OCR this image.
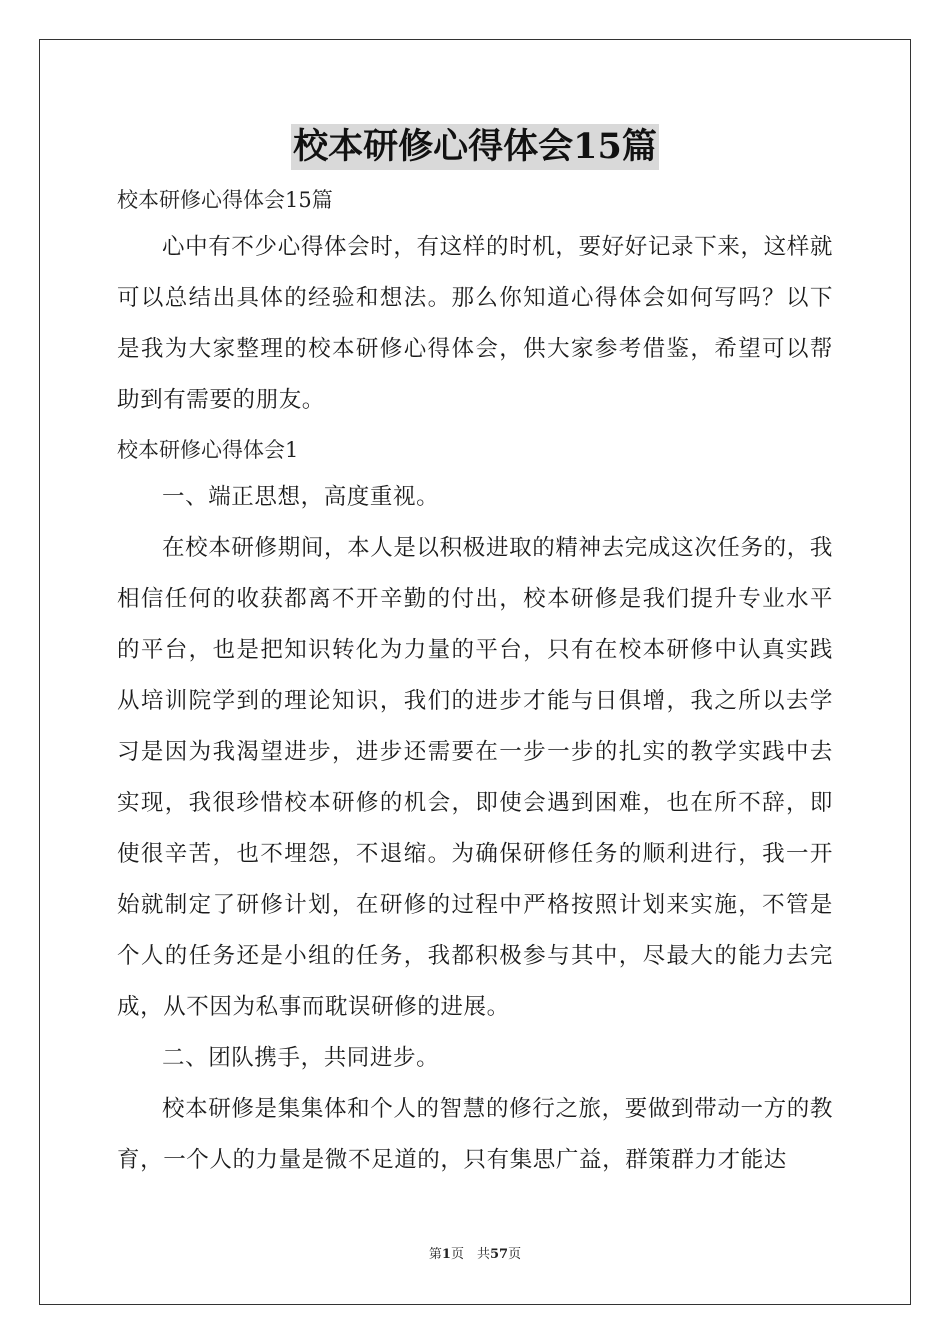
校本研修心得体会15篇
校本研修心得体会15篇

心中有不少心得体会时，有这样的时机，要好好记录下来，这样就可以总结出具体的经验和想法。那么你知道心得体会如何写吗？以下是我为大家整理的校本研修心得体会，供大家参考借鉴，希望可以帮助到有需要的朋友。

校本研修心得体会1

一、端正思想，高度重视。

在校本研修期间，本人是以积极进取的精神去完成这次任务的，我相信任何的收获都离不开辛勤的付出，校本研修是我们提升专业水平的平台，也是把知识转化为力量的平台，只有在校本研修中认真实践从培训院学到的理论知识，我们的进步才能与日俱增，我之所以去学习是因为我渴望进步，进步还需要在一步一步的扎实的教学实践中去实现，我很珍惜校本研修的机会，即使会遇到困难，也在所不辞，即使很辛苦，也不埋怨，不退缩。为确保研修任务的顺利进行，我一开始就制定了研修计划，在研修的过程中严格按照计划来实施，不管是个人的任务还是小组的任务，我都积极参与其中，尽最大的能力去完成，从不因为私事而耽误研修的进展。

二、团队携手，共同进步。

校本研修是集集体和个人的智慧的修行之旅，要做到带动一方的教育，一个人的力量是微不足道的，只有集思广益，群策群力才能达

第1页　共57页
